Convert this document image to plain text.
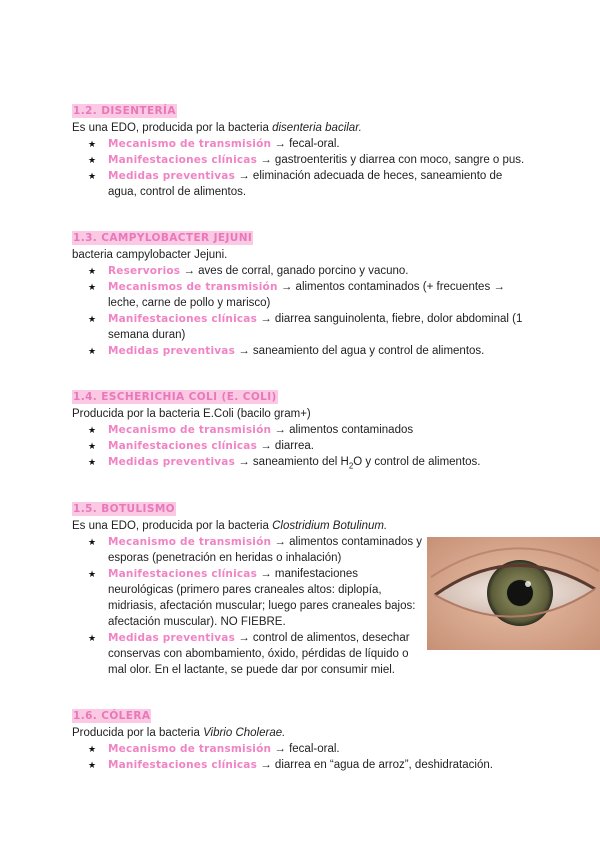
1.2. DISENTERÍA
Es una EDO, producida por la bacteria disenteria bacilar.
★ Mecanismo de transmisión → fecal-oral.
★ Manifestaciones clínicas → gastroenteritis y diarrea con moco, sangre o pus.
★ Medidas preventivas → eliminación adecuada de heces, saneamiento de agua, control de alimentos.
1.3. CAMPYLOBACTER JEJUNI
bacteria campylobacter Jejuni.
★ Reservorios → aves de corral, ganado porcino y vacuno.
★ Mecanismos de transmisión → alimentos contaminados (+ frecuentes → leche, carne de pollo y marisco)
★ Manifestaciones clínicas → diarrea sanguinolenta, fiebre, dolor abdominal (1 semana duran)
★ Medidas preventivas → saneamiento del agua y control de alimentos.
1.4. ESCHERICHIA COLI (E. COLI)
Producida por la bacteria E.Coli (bacilo gram+)
★ Mecanismo de transmisión → alimentos contaminados
★ Manifestaciones clínicas → diarrea.
★ Medidas preventivas → saneamiento del $H_2O$ y control de alimentos.
1.5. BOTULISMO
Es una EDO, producida por la bacteria Clostridium Botulinum.
★ Mecanismo de transmisión → alimentos contaminados y esporas (penetración en heridas o inhalación)
★ Manifestaciones clínicas → manifestaciones neurológicas (primero pares craneales altos: diplopía, midriasis, afectación muscular; luego pares craneales bajos: afectación muscular). NO FIEBRE.
★ Medidas preventivas → control de alimentos, desechar conservas con abombamiento, óxido, pérdidas de líquido o mal olor. En el lactante, se puede dar por consumir miel.
1.6. CÓLERA
Producida por la bacteria Vibrio Cholerae.
★ Mecanismo de transmisión → fecal-oral.
★ Manifestaciones clínicas → diarrea en “agua de arroz”, deshidratación.
